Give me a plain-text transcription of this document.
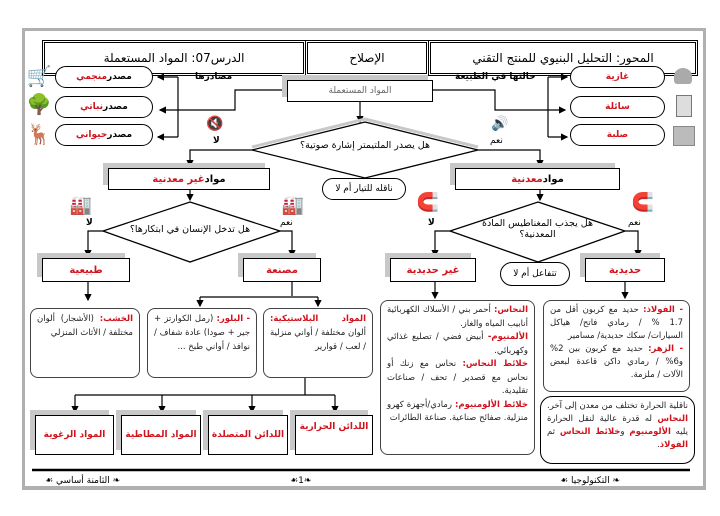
المحور: التحليل البنيوي للمنتج التقني
الإصلاح
الدرس07: المواد المستعملة
مصادرها	حالتها في الطبيعة
المواد المستعملة
مصدر
منجمي
مصدر
نباتي
مصدر
حيواني
🛒
🌳
🦌
غازية
سائلة
صلبة
🔇
لا
🔊
نعم
هل يصدر الملتيمتر إشارة صوتية؟
مواد
غير معدنية	مواد
معدنية
ناقله للتيار أم لا
🏭
لا
🏭
نعم
هل تدخل الإنسان في ابتكارها؟
🧲
لا
🧲
نعم
هل يجذب المغناطيس المادة المعدنية؟
طبيعية	مصنعة	غير حديدية	حديدية
تتفاعل أم لا
الخشب: (الأشجار) ألوان مختلفة / الأثاث المنزلي
- البلور: (رمل الكوارتز + جير + صودا) عادة شفاف / نوافذ / أواني طبخ ...
المواد البلاستيكية: ألوان مختلفة / أواني منزلية / لعب / قوارير
اللدائن الحرارية
اللدائن المتصلدة
المواد المطاطية
المواد الرغوية
النحاس: أحمر بني / الأسلاك الكهربائية أنابيب المياه والغاز.
الألمنيوم- أبيض فضي / تصليع غذائي وكهربائي.
خلائط النحاس: نحاس مع زنك أو نحاس مع قصدير / تحف / صناعات تقليدية.
خلائط الألومنيوم: رمادي/أجهزة كهرو منزلية. صفائح صناعية. صناعة الطائرات
- الفولاذ: حديد مع كربون أقل من 1.7 % / رمادي فاتح/ هياكل السيارات/ سكك حديدية/ مسامير
- الزهر: حديد مع كربون بين 2% و6% / رمادي داكن قاعدة لبعض الآلات / ملزمة.
ناقلية الحرارة تختلف من معدن إلى آخر. النحاس له قدرة عالية لنقل الحرارة يليه الألومنيوم وخلائط النحاس ثم الفولاذ.
❧ التكنولوجيا ☙
❧1☙
❧ الثامنة أساسي ☙
